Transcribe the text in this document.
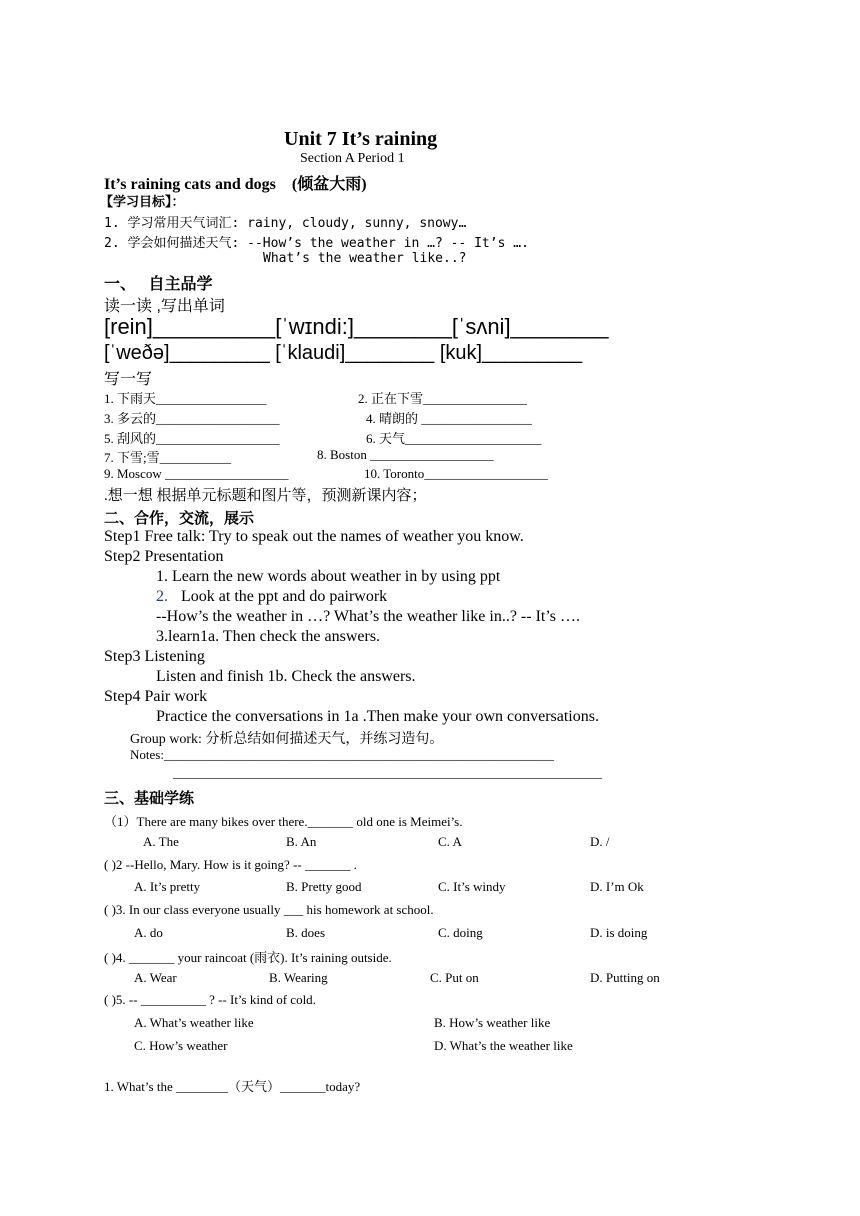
Unit 7 It’s raining
Section A Period 1
It’s raining cats and dogs　(倾盆大雨)
【学习目标】：
1. 学习常用天气词汇: rainy, cloudy, sunny, snowy…
2. 学会如何描述天气: --How’s the weather in …? -- It’s ….
What’s the weather like..?
一、　 自主品学
读一读 ,写出单词
[rein]__________[ˈwɪndi:]________[ˈsʌni]________
[ˈweðə]_________ [ˈklaudi]________ [kuk]_________
写一写
1. 下雨天_________________	2. 正在下雪________________
3. 多云的___________________	4. 晴朗的 _________________
5. 刮风的___________________	6. 天气_____________________
7. 下雪;雪___________	8. Boston ___________________
9. Moscow ___________________	10. Toronto___________________
.想一想 根据单元标题和图片等，预测新课内容；
二、合作，交流，展示
Step1 Free talk: Try to speak out the names of weather you know.
Step2 Presentation
1. Learn the new words about weather in by using ppt
2. Look at the ppt and do pairwork
--How’s the weather in …? What’s the weather like in..? -- It’s ….
3.learn1a. Then check the answers.
Step3 Listening
Listen and finish 1b. Check the answers.
Step4 Pair work
Practice the conversations in 1a .Then make your own conversations.
Group work: 分析总结如何描述天气，并练习造句。
Notes:____________________________________________________________
__________________________________________________________________
三、基础学练
（1）There are many bikes over there._______ old one is Meimei’s.
A. The	B. An	C. A	D. /
( )2 --Hello, Mary. How is it going? -- _______ .
A. It’s pretty	B. Pretty good	C. It’s windy	D. I’m Ok
( )3. In our class everyone usually ___ his homework at school.
A. do	B. does	C. doing	D. is doing
( )4. _______ your raincoat (雨衣). It’s raining outside.
A. Wear	B. Wearing	C. Put on	D. Putting on
( )5. -- __________ ? -- It’s kind of cold.
A. What’s weather like	B. How’s weather like
C. How’s weather	D. What’s the weather like
1. What’s the ________（天气）_______today?
